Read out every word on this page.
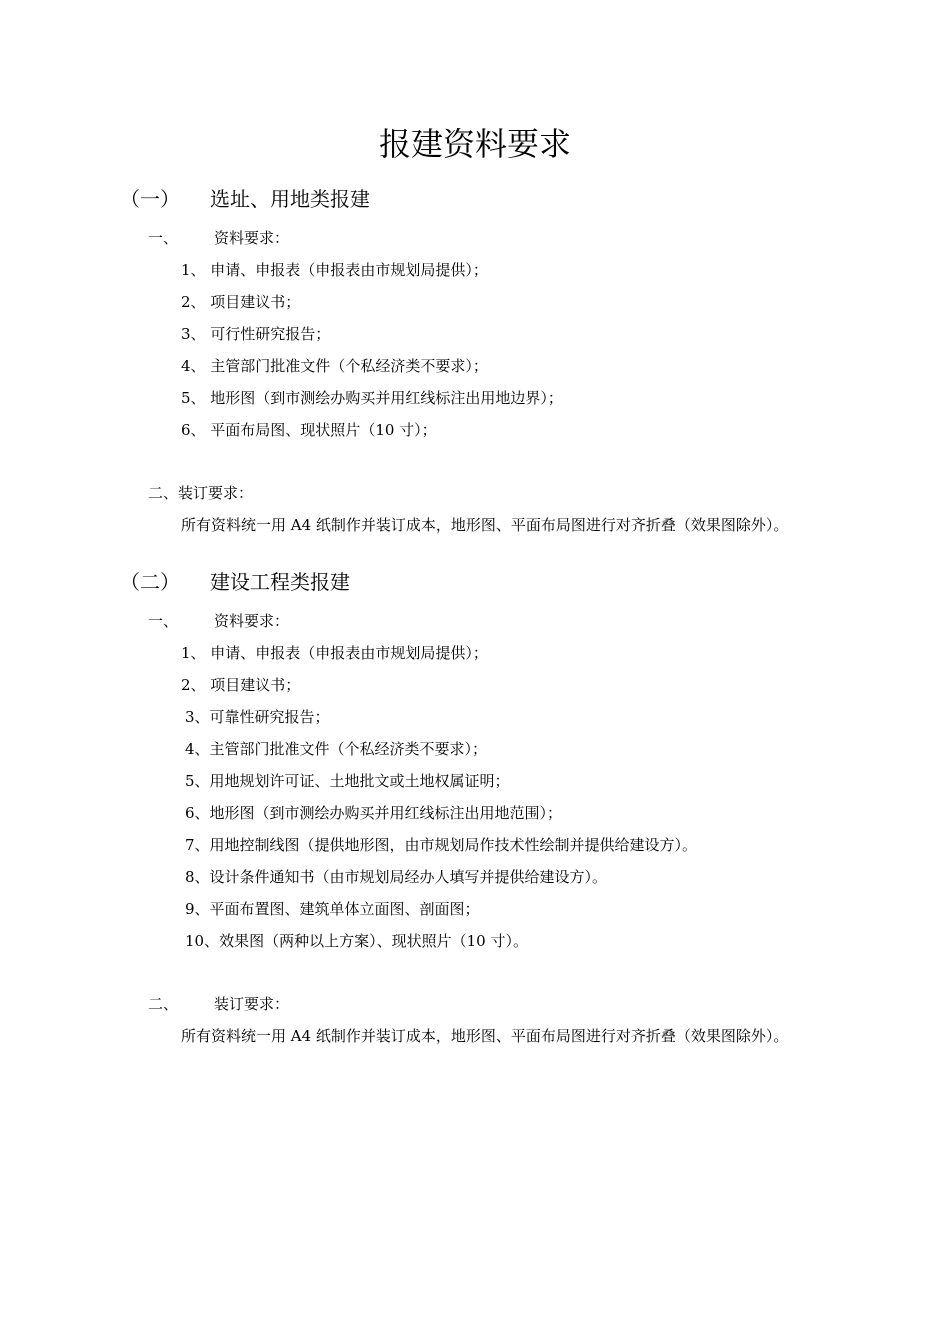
报建资料要求
（一） 选址、用地类报建
一、 资料要求：
1、 申请、申报表（申报表由市规划局提供）；
2、 项目建议书；
3、 可行性研究报告；
4、 主管部门批准文件（个私经济类不要求）；
5、 地形图（到市测绘办购买并用红线标注出用地边界）；
6、 平面布局图、现状照片（10 寸）；
二、装订要求：
所有资料统一用 A4 纸制作并装订成本，地形图、平面布局图进行对齐折叠（效果图除外）。
（二） 建设工程类报建
一、 资料要求：
1、 申请、申报表（申报表由市规划局提供）；
2、 项目建议书；
3、可靠性研究报告；
4、主管部门批准文件（个私经济类不要求）；
5、用地规划许可证、土地批文或土地权属证明；
6、地形图（到市测绘办购买并用红线标注出用地范围）；
7、用地控制线图（提供地形图，由市规划局作技术性绘制并提供给建设方）。
8、设计条件通知书（由市规划局经办人填写并提供给建设方）。
9、平面布置图、建筑单体立面图、剖面图；
10、效果图（两种以上方案）、现状照片（10 寸）。
二、 装订要求：
所有资料统一用 A4 纸制作并装订成本，地形图、平面布局图进行对齐折叠（效果图除外）。
